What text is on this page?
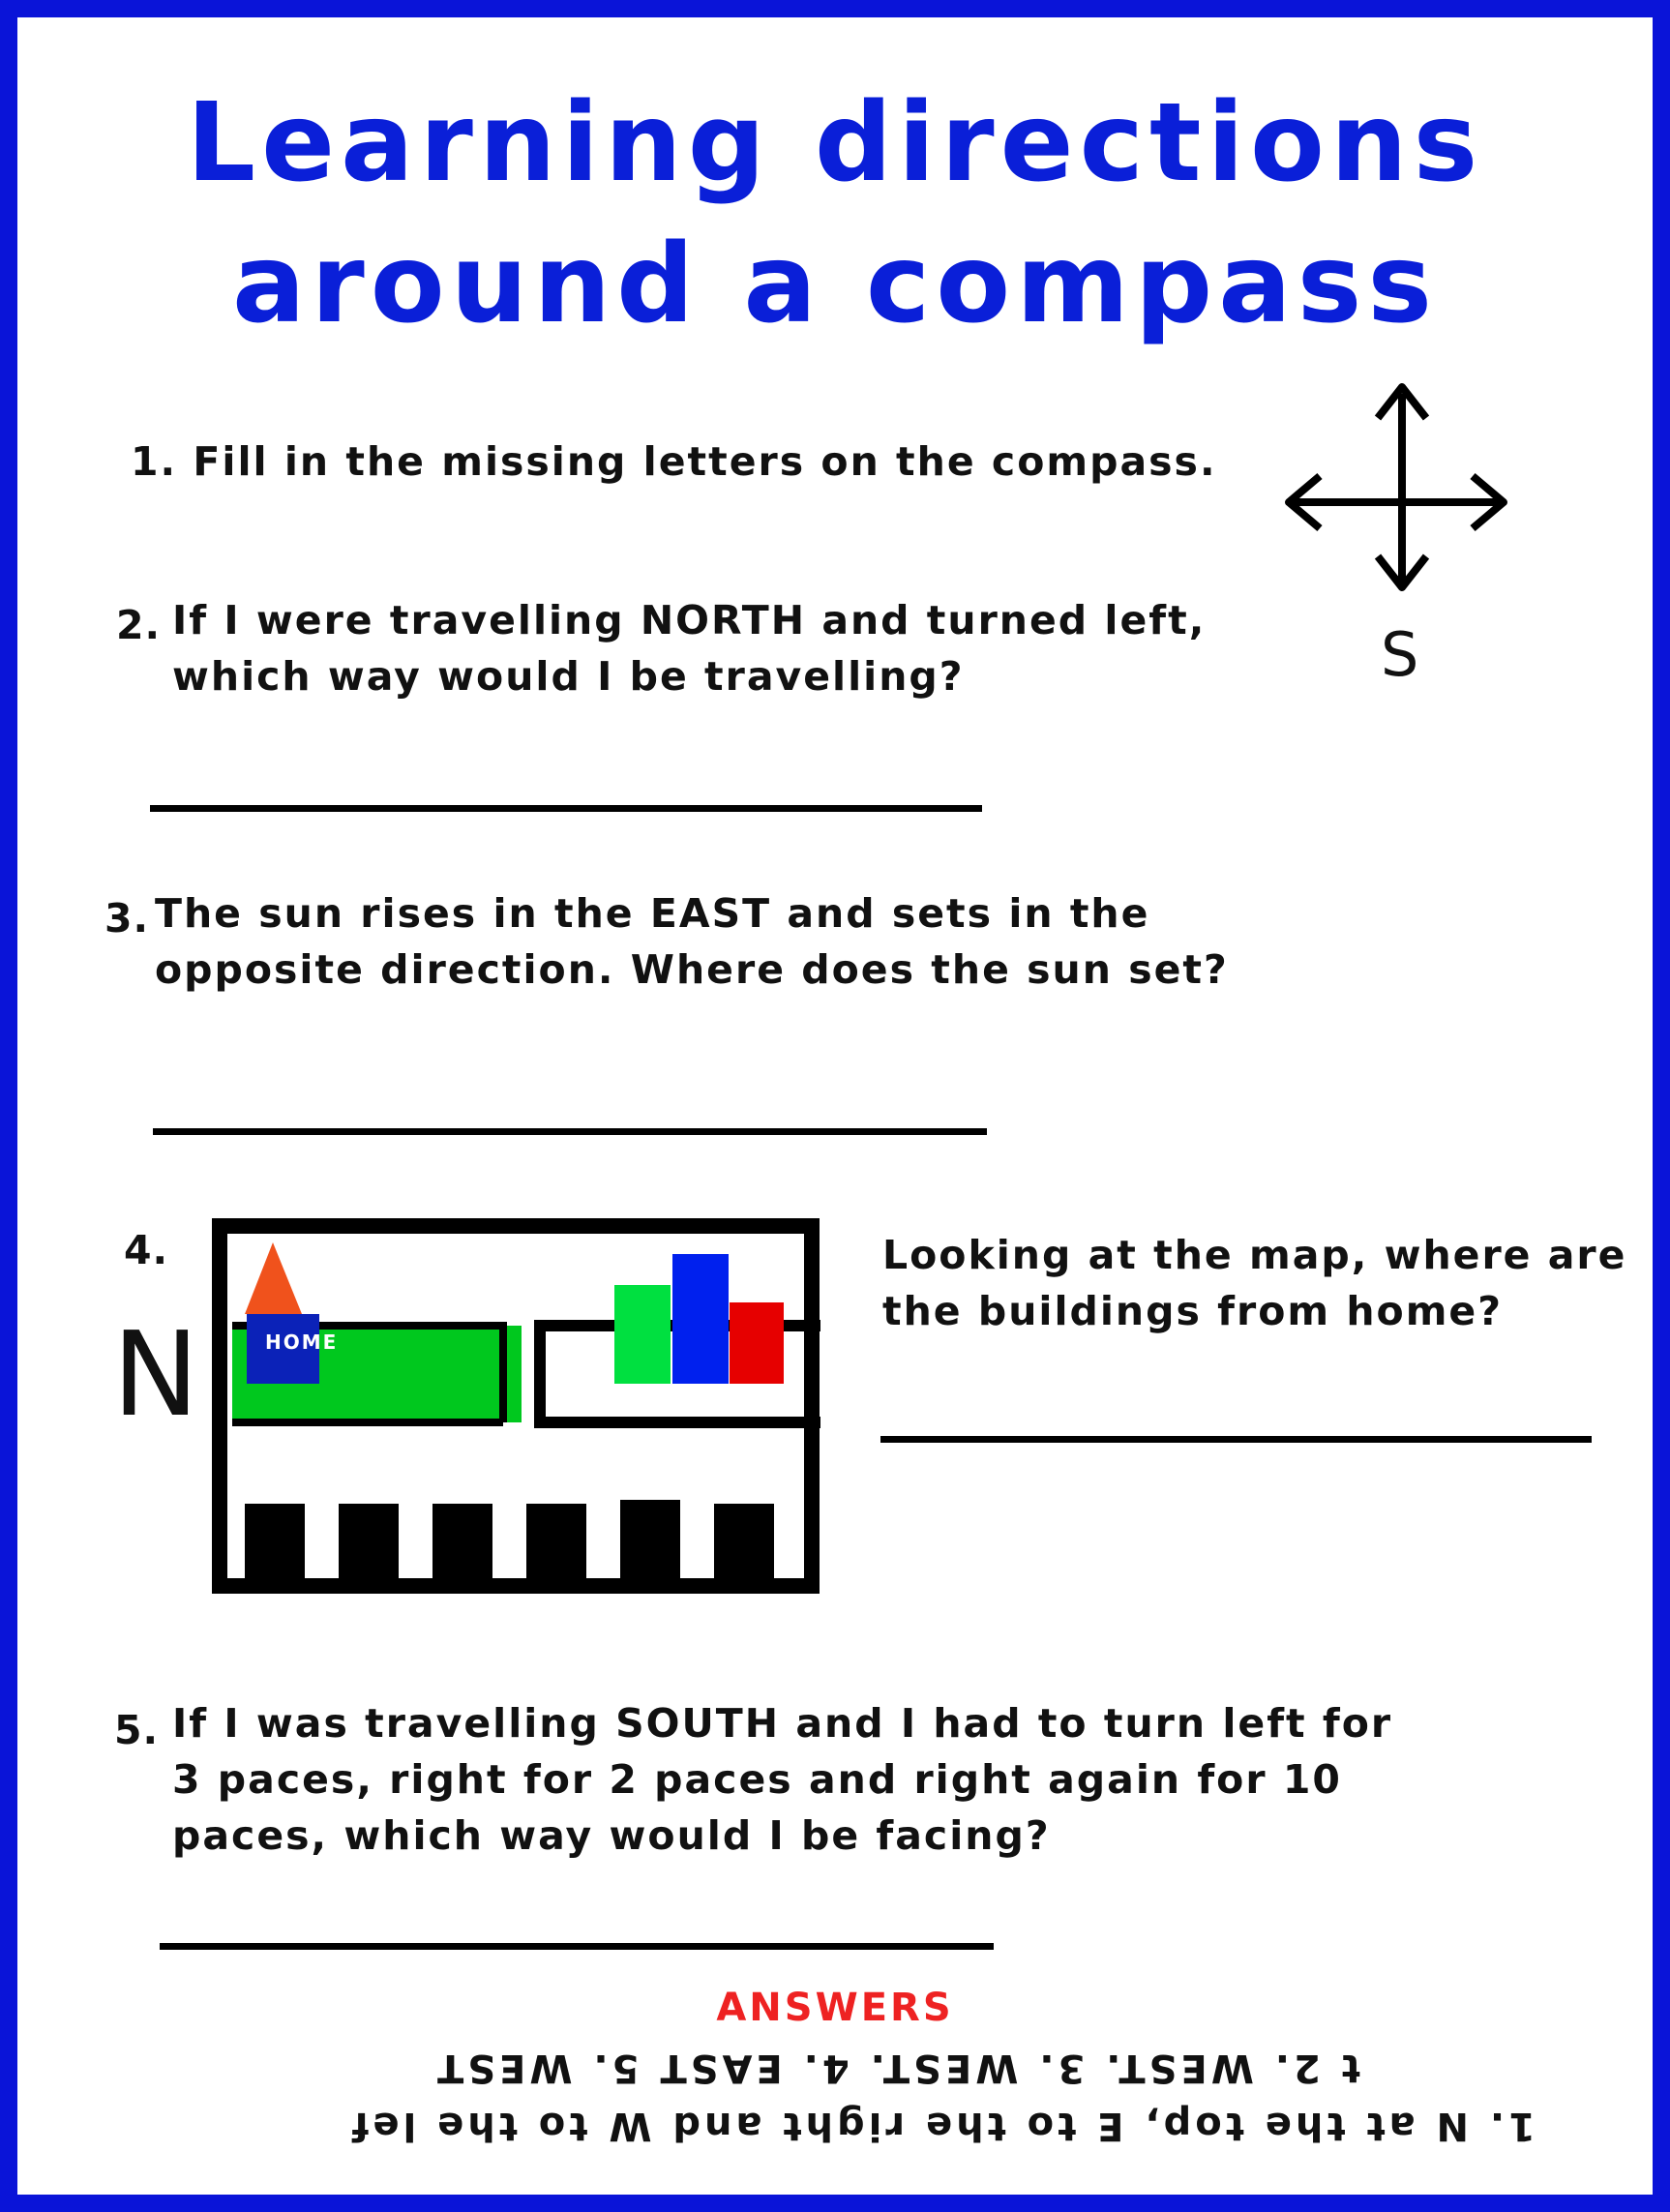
Learning directions
around a compass
1. Fill in the missing letters on the compass.
S
2. If I were travelling NORTH and turned left,
which way would I be travelling?
3. The sun rises in the EAST and sets in the
opposite direction. Where does the sun set?
4.
N	HOME
Looking at the map, where are
the buildings from home?
5. If I was travelling SOUTH and I had to turn left for
3 paces, right for 2 paces and right again for 10
paces, which way would I be facing?
ANSWERS
t 2. WEST. 3. WEST. 4. EAST 5. WEST
1. N at the top, E to the right and W to the lef
